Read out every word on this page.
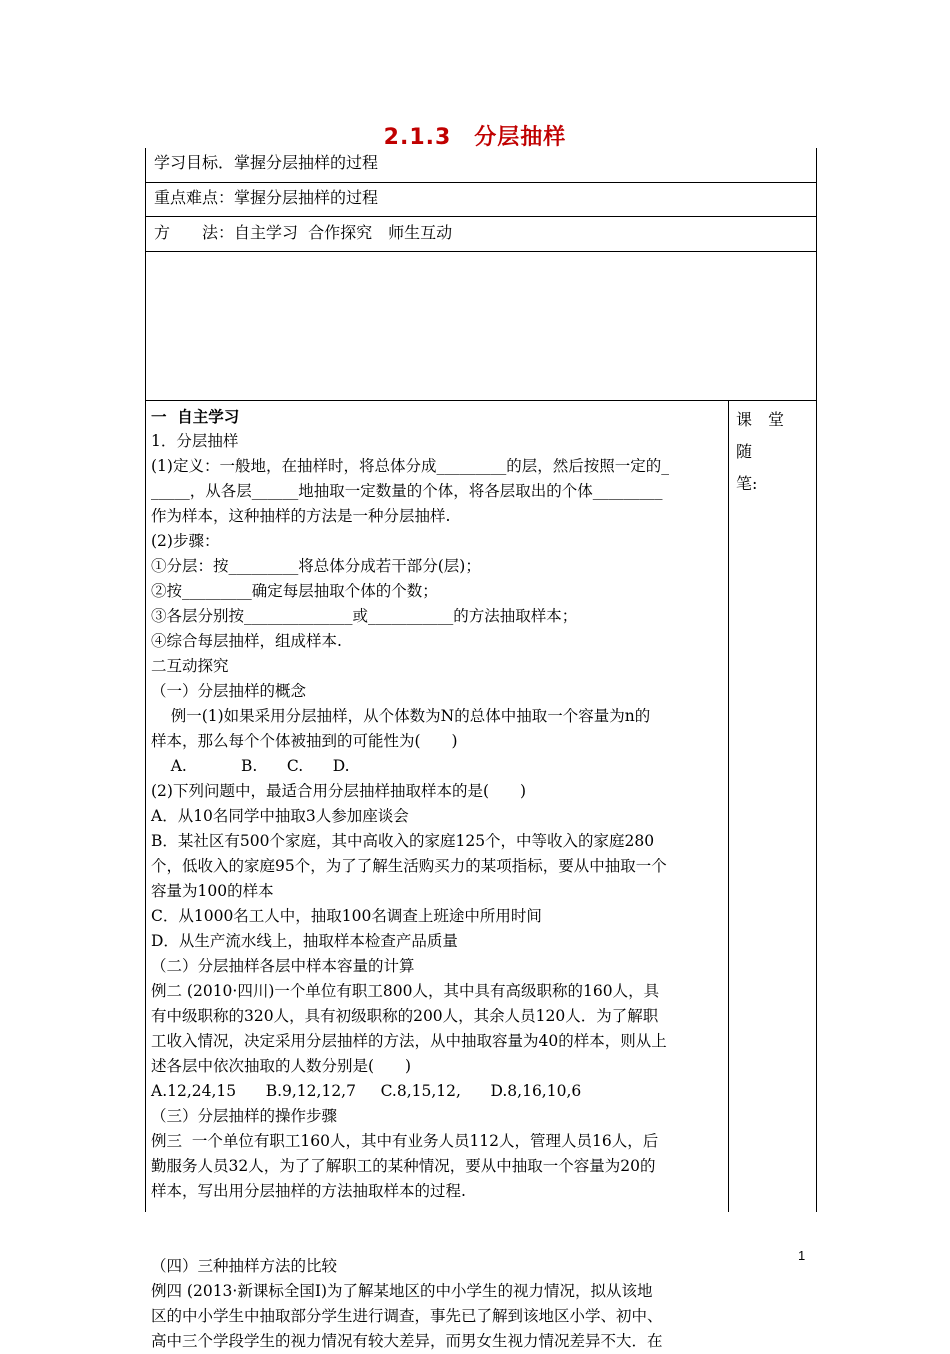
2.1.3　分层抽样
学习目标．掌握分层抽样的过程
重点难点：掌握分层抽样的过程
方　　法：自主学习  合作探究　师生互动

一  自主学习

1．分层抽样

(1)定义：一般地，在抽样时，将总体分成_________的层，然后按照一定的_

_____，从各层______地抽取一定数量的个体，将各层取出的个体_________

作为样本，这种抽样的方法是一种分层抽样.

(2)步骤：

①分层：按_________将总体分成若干部分(层)；

②按_________确定每层抽取个体的个数；

③各层分别按______________或___________的方法抽取样本；

④综合每层抽样，组成样本.

二互动探究

（一）分层抽样的概念

例一(1)如果采用分层抽样，从个体数为N的总体中抽取一个容量为n的

样本，那么每个个体被抽到的可能性为(　　)

A.           B.      C.      D.

(2)下列问题中，最适合用分层抽样抽取样本的是(　　)

A．从10名同学中抽取3人参加座谈会

B．某社区有500个家庭，其中高收入的家庭125个，中等收入的家庭280

个，低收入的家庭95个，为了了解生活购买力的某项指标，要从中抽取一个

容量为100的样本

C．从1000名工人中，抽取100名调查上班途中所用时间

D．从生产流水线上，抽取样本检查产品质量

（二）分层抽样各层中样本容量的计算

例二 (2010·四川)一个单位有职工800人，其中具有高级职称的160人，具

有中级职称的320人，具有初级职称的200人，其余人员120人．为了解职

工收入情况，决定采用分层抽样的方法，从中抽取容量为40的样本，则从上

述各层中依次抽取的人数分别是(　　)

A.12,24,15      B.9,12,12,7     C.8,15,12,      D.8,16,10,6

（三）分层抽样的操作步骤

例三  一个单位有职工160人，其中有业务人员112人，管理人员16人，后

勤服务人员32人，为了了解职工的某种情况，要从中抽取一个容量为20的

样本，写出用分层抽样的方法抽取样本的过程.

（四）三种抽样方法的比较

例四 (2013·新课标全国Ⅰ)为了解某地区的中小学生的视力情况，拟从该地

区的中小学生中抽取部分学生进行调查，事先已了解到该地区小学、初中、

高中三个学段学生的视力情况有较大差异，而男女生视力情况差异不大．在

课　堂　随
笔:
1
